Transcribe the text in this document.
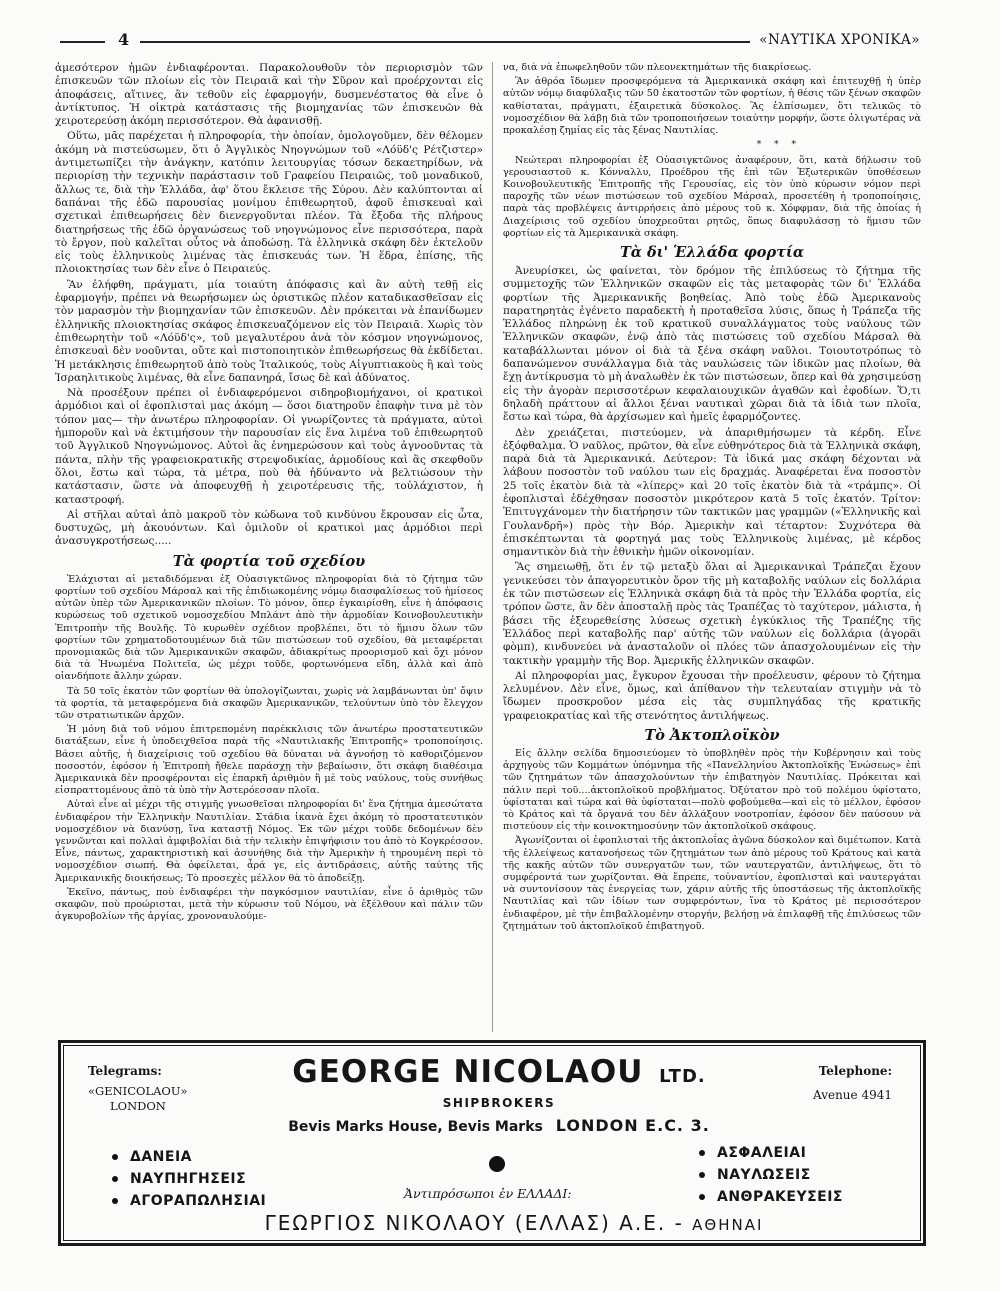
4	«ΝΑΥΤΙΚΑ ΧΡΟΝΙΚΑ»

ἀμεσότερον ἡμῶν ἐνδιαφέρονται. Παρακολουθοῦν τὸν περιορισμὸν τῶν ἐπισκευῶν τῶν πλοίων εἰς τὸν Πειραιᾶ καὶ τὴν Σῦρον καὶ προέρχονται εἰς ἀποφάσεις, αἵτινες, ἂν τεθοῦν εἰς ἐφαρμογήν, δυσμενέστατος θὰ εἶνε ὁ ἀντίκτυπος. Ἡ οἰκτρὰ κατάστασις τῆς βιομηχανίας τῶν ἐπισκευῶν θὰ χειροτερεύσῃ ἀκόμη περισσότερον. Θὰ ἀφανισθῇ.

Οὕτω, μᾶς παρέχεται ἡ πληροφορία, τὴν ὁποίαν, ὁμολογοῦμεν, δὲν θέλομεν ἀκόμη νὰ πιστεύσωμεν, ὅτι ὁ Ἀγγλικὸς Νηογνώμων τοῦ «Λόϋδ'ς Ρέτζιστερ» ἀντιμετωπίζει τὴν ἀνάγκην, κατόπιν λειτουργίας τόσων δεκαετηρίδων, νὰ περιορίσῃ τὴν τεχνικὴν παράστασιν τοῦ Γραφείου Πειραιῶς, τοῦ μοναδικοῦ, ἄλλως τε, διὰ τὴν Ἑλλάδα, ἀφ' ὅτου ἔκλεισε τῆς Σύρου. Δὲν καλύπτονται αἱ δαπάναι τῆς ἐδῶ παρουσίας μονίμου ἐπιθεωρητοῦ, ἀφοῦ ἐπισκευαὶ καὶ σχετικαὶ ἐπιθεωρήσεις δὲν διενεργοῦνται πλέον. Τὰ ἔξοδα τῆς πλήρους διατηρήσεως τῆς ἐδῶ ὀργανώσεως τοῦ νηογνώμονος εἶνε περισσότερα, παρὰ τὸ ἔργον, ποὺ καλεῖται οὗτος νὰ ἀποδώσῃ. Τὰ ἑλληνικὰ σκάφη δὲν ἐκτελοῦν εἰς τοὺς ἑλληνικοὺς λιμένας τὰς ἐπισκευάς των. Ἡ ἕδρα, ἐπίσης, τῆς πλοιοκτησίας των δὲν εἶνε ὁ Πειραιεύς.

Ἂν ἐλήφθη, πράγματι, μία τοιαύτη ἀπόφασις καὶ ἂν αὐτὴ τεθῇ εἰς ἐφαρμογήν, πρέπει νὰ θεωρήσωμεν ὡς ὁριστικῶς πλέον καταδικασθεῖσαν εἰς τὸν μαρασμὸν τὴν βιομηχανίαν τῶν ἐπισκευῶν. Δὲν πρόκειται νὰ ἐπανίδωμεν ἑλληνικῆς πλοιοκτησίας σκάφος ἐπισκευαζόμενον εἰς τὸν Πειραιᾶ. Χωρὶς τὸν ἐπιθεωρητὴν τοῦ «Λόϋδ'ς», τοῦ μεγαλυτέρου ἀνὰ τὸν κόσμον νηογνώμονος, ἐπισκευαὶ δὲν νοοῦνται, οὔτε καὶ πιστοποιητικὸν ἐπιθεωρήσεως θὰ ἐκδίδεται. Ἡ μετάκλησις ἐπιθεωρητοῦ ἀπὸ τοὺς Ἰταλικούς, τοὺς Αἰγυπτιακοὺς ἢ καὶ τοὺς Ἰσραηλιτικοὺς λιμένας, θὰ εἶνε δαπανηρά, ἴσως δὲ καὶ ἀδύνατος.

Νὰ προσέξουν πρέπει οἱ ἐνδιαφερόμενοι σιδηροβιομήχανοι, οἱ κρατικοὶ ἁρμόδιοι καὶ οἱ ἐφοπλισταὶ μας ἀκόμη — ὅσοι διατηροῦν ἐπαφὴν τινα μὲ τὸν τόπον μας— τὴν ἀνωτέρω πληροφορίαν. Οἱ γνωρίζοντες τὰ πράγματα, αὐτοὶ ἠμποροῦν καὶ νὰ ἐκτιμήσουν τὴν παρουσίαν εἰς ἕνα λιμένα τοῦ ἐπιθεωρητοῦ τοῦ Ἀγγλικοῦ Νηογνώμονος. Αὐτοὶ ἂς ἐνημερώσουν καὶ τοὺς ἀγνοοῦντας τὰ πάντα, πλὴν τῆς γραφειοκρατικῆς στρεψοδικίας, ἁρμοδίους καὶ ἂς σκεφθοῦν ὅλοι, ἔστω καὶ τώρα, τὰ μέτρα, ποὺ θὰ ἠδύναντο νὰ βελτιώσουν τὴν κατάστασιν, ὥστε νὰ ἀποφευχθῇ ἡ χειροτέρευσις τῆς, τοὐλάχιστον, ἡ καταστροφή.

Αἱ στῆλαι αὐταὶ ἀπὸ μακροῦ τὸν κώδωνα τοῦ κινδύνου ἔκρουσαν εἰς ὦτα, δυστυχῶς, μὴ ἀκουόντων. Καὶ ὁμιλοῦν οἱ κρατικοὶ μας ἁρμόδιοι περὶ ἀνασυγκροτήσεως.....

Τὰ φορτία τοῦ σχεδίου

Ἐλάχισται αἱ μεταδιδόμεναι ἐξ Οὐασιγκτῶνος πληροφορίαι διὰ τὸ ζήτημα τῶν φορτίων τοῦ σχεδίου Μάρσαλ καὶ τῆς ἐπιδιωκομένης νόμῳ διασφαλίσεως τοῦ ἡμίσεος αὐτῶν ὑπὲρ τῶν Ἀμερικανικῶν πλοίων. Τὸ μόνον, ὅπερ ἐγκαιρίσθη, εἶνε ἡ ἀπόφασις κυρώσεως τοῦ σχετικοῦ νομοσχεδίου Μπλάντ ἀπὸ τὴν ἁρμοδίαν Κοινοβουλευτικὴν Ἐπιτροπὴν τῆς Βουλῆς. Τὸ κυρωθὲν σχέδιον προβλέπει, ὅτι τὸ ἥμισυ ὅλων τῶν φορτίων τῶν χρηματοδοτουμένων διὰ τῶν πιστώσεων τοῦ σχεδίου, θὰ μεταφέρεται προνομιακῶς διὰ τῶν Ἀμερικανικῶν σκαφῶν, ἀδιακρίτως προορισμοῦ καὶ ὄχι μόνον διὰ τὰ Ἡνωμένα Πολιτεῖα, ὡς μέχρι τοῦδε, φορτωνόμενα εἴδη, ἀλλὰ καὶ ἀπὸ οἱανδήποτε ἄλλην χώραν.

Τὰ 50 τοῖς ἑκατὸν τῶν φορτίων θὰ ὑπολογίζωνται, χωρὶς νὰ λαμβάνωνται ὑπ' ὄψιν τὰ φορτία, τὰ μεταφερόμενα διὰ σκαφῶν Ἀμερικανικῶν, τελούντων ὑπὸ τὸν ἔλεγχον τῶν στρατιωτικῶν ἀρχῶν.

Ἡ μόνη διὰ τοῦ νόμου ἐπιτρεπομένη παρέκκλισις τῶν ἀνωτέρω προστατευτικῶν διατάξεων, εἶνε ἡ ὑποδειχθεῖσα παρὰ τῆς «Ναυτιλιακῆς Ἐπιτροπῆς» τροποποίησις. Βάσει αὐτῆς, ἡ διαχείρισις τοῦ σχεδίου θὰ δύναται νὰ ἀγνοήσῃ τὸ καθοριζόμενον ποσοστόν, ἐφόσον ἡ Ἐπιτροπὴ ἤθελε παράσχῃ τὴν βεβαίωσιν, ὅτι σκάφη διαθέσιμα Ἀμερικανικὰ δὲν προσφέρονται εἰς ἐπαρκῆ ἀριθμὸν ἢ μὲ τοὺς ναύλους, τοὺς συνήθως εἰσπραττομένους ἀπὸ τὰ ὑπὸ τὴν Ἀστερόεσσαν πλοῖα.

Αὐταὶ εἶνε αἱ μέχρι τῆς στιγμῆς γνωσθεῖσαι πληροφορίαι δι' ἕνα ζήτημα ἀμεσώτατα ἐνδιαφέρον τὴν Ἑλληνικὴν Ναυτιλίαν. Στάδια ἱκανὰ ἔχει ἀκόμη τὸ προστατευτικὸν νομοσχέδιον νὰ διανύσῃ, ἵνα καταστῇ Νόμος. Ἐκ τῶν μέχρι τοῦδε δεδομένων δὲν γεννῶνται καὶ πολλαὶ ἀμφιβολίαι διὰ τὴν τελικὴν ἐπιψήφισιν του ἀπὸ τὸ Κογκρέσσον. Εἶνε, πάντως, χαρακτηριστικὴ καὶ ἀσυνήθης διὰ τὴν Ἀμερικὴν ἡ τηρουμένη περὶ τὸ νομοσχέδιον σιωπή. Θὰ ὀφείλεται, ἆρά γε, εἰς ἀντιδράσεις, αὐτῆς ταύτης τῆς Ἀμερικανικῆς διοικήσεως; Τὸ προσεχὲς μέλλον θὰ τὸ ἀποδείξῃ.

Ἐκεῖνο, πάντως, ποὺ ἐνδιαφέρει τὴν παγκόσμιον ναυτιλίαν, εἶνε ὁ ἀριθμὸς τῶν σκαφῶν, ποὺ προώρισται, μετὰ τὴν κύρωσιν τοῦ Νόμου, νὰ ἐξέλθουν καὶ πάλιν τῶν ἀγκυροβολίων τῆς ἀργίας, χρονοναυλούμε-

να, διὰ νὰ ἐπωφεληθοῦν τῶν πλεονεκτημάτων τῆς διακρίσεως.

Ἂν ἀθρόα ἴδωμεν προσφερόμενα τὰ Ἀμερικανικὰ σκάφη καὶ ἐπιτευχθῇ ἡ ὑπὲρ αὐτῶν νόμῳ διαφύλαξις τῶν 50 ἑκατοστῶν τῶν φορτίων, ἡ θέσις τῶν ξένων σκαφῶν καθίσταται, πράγματι, ἐξαιρετικὰ δύσκολος. Ἂς ἐλπίσωμεν, ὅτι τελικῶς τὸ νομοσχέδιον θὰ λάβῃ διὰ τῶν τροποποιήσεων τοιαύτην μορφήν, ὥστε ὀλιγωτέρας νὰ προκαλέσῃ ζημίας εἰς τὰς ξένας Ναυτιλίας.

* * *

Νεώτεραι πληροφορίαι ἐξ Οὐασιγκτῶνος ἀναφέρουν, ὅτι, κατὰ δήλωσιν τοῦ γερουσιαστοῦ κ. Κόνναλλυ, Προέδρου τῆς ἐπὶ τῶν Ἐξωτερικῶν ὑποθέσεων Κοινοβουλευτικῆς Ἐπιτροπῆς τῆς Γερουσίας, εἰς τὸν ὑπὸ κύρωσιν νόμον περὶ παροχῆς τῶν νέων πιστώσεων τοῦ σχεδίου Μάρσαλ, προσετέθη ἡ τροποποίησις, παρὰ τὰς προβλέψεις ἀντιρρήσεις ἀπὸ μέρους τοῦ κ. Χόφφμαν, διὰ τῆς ὁποίας ἡ Διαχείρισις τοῦ σχεδίου ὑποχρεοῦται ρητῶς, ὅπως διαφυλάσσῃ τὸ ἥμισυ τῶν φορτίων εἰς τὰ Ἀμερικανικὰ σκάφη.

Τὰ δι' Ἑλλάδα φορτία

Ἀνευρίσκει, ὡς φαίνεται, τὸν δρόμον τῆς ἐπιλύσεως τὸ ζήτημα τῆς συμμετοχῆς τῶν Ἑλληνικῶν σκαφῶν εἰς τὰς μεταφορὰς τῶν δι' Ἑλλάδα φορτίων τῆς Ἀμερικανικῆς βοηθείας. Ἀπὸ τοὺς ἐδῶ Ἀμερικανοὺς παρατηρητὰς ἐγένετο παραδεκτὴ ἡ προταθεῖσα λύσις, ὅπως ἡ Τράπεζα τῆς Ἑλλάδος πληρώνῃ ἐκ τοῦ κρατικοῦ συναλλάγματος τοὺς ναύλους τῶν Ἑλληνικῶν σκαφῶν, ἐνῷ ἀπὸ τὰς πιστώσεις τοῦ σχεδίου Μάρσαλ θὰ καταβάλλωνται μόνον οἱ διὰ τὰ ξένα σκάφη ναῦλοι. Τοιουτοτρόπως τὸ δαπανώμενον συνάλλαγμα διὰ τὰς ναυλώσεις τῶν ἰδικῶν μας πλοίων, θὰ ἔχῃ ἀντίκρυσμα τὸ μὴ ἀναλωθὲν ἐκ τῶν πιστώσεων, ὅπερ καὶ θὰ χρησιμεύσῃ εἰς τὴν ἀγορὰν περισσοτέρων κεφαλαιουχικῶν ἀγαθῶν καὶ ἐφοδίων. Ὅ,τι δηλαδὴ πράττουν αἱ ἄλλοι ξέναι ναυτικαὶ χῶραι διὰ τὰ ἰδιὰ των πλοῖα, ἔστω καὶ τώρα, θὰ ἀρχίσωμεν καὶ ἡμεῖς ἐφαρμόζοντες.

Δὲν χρειάζεται, πιστεύομεν, νὰ ἀπαριθμήσωμεν τὰ κέρδη. Εἶνε ἐξόφθαλμα. Ὁ ναῦλος, πρῶτον, θὰ εἶνε εὐθηνότερος διὰ τὰ Ἑλληνικὰ σκάφη, παρὰ διὰ τὰ Ἀμερικανικά. Δεύτερον: Τὰ ἰδικά μας σκάφη δέχονται νὰ λάβουν ποσοστὸν τοῦ ναύλου των εἰς δραχμάς. Ἀναφέρεται ἕνα ποσοστὸν 25 τοῖς ἑκατὸν διὰ τὰ «λίπερς» καὶ 20 τοῖς ἑκατὸν διὰ τὰ «τράμπς». Οἱ ἐφοπλισταὶ ἐδέχθησαν ποσοστὸν μικρότερον κατὰ 5 τοῖς ἑκατόν. Τρίτον: Ἐπιτυγχάνομεν τὴν διατήρησιν τῶν τακτικῶν μας γραμμῶν («Ἑλληνικῆς καὶ Γουλανδρῆ») πρὸς τὴν Βόρ. Ἀμερικὴν καὶ τέταρτον: Συχνότερα θὰ ἐπισκέπτωνται τὰ φορτηγά μας τοὺς Ἑλληνικοὺς λιμένας, μὲ κέρδος σημαντικὸν διὰ τὴν ἐθνικὴν ἡμῶν οἰκονομίαν.

Ἂς σημειωθῇ, ὅτι ἐν τῷ μεταξὺ ὅλαι αἱ Ἀμερικανικαὶ Τράπεζαι ἔχουν γενικεύσει τὸν ἀπαγορευτικὸν ὅρον τῆς μὴ καταβολῆς ναύλων εἰς δολλάρια ἐκ τῶν πιστώσεων εἰς Ἑλληνικὰ σκάφη διὰ τὰ πρὸς τὴν Ἑλλάδα φορτία, εἰς τρόπον ὥστε, ἂν δὲν ἀποσταλῇ πρὸς τὰς Τραπέζας τὸ ταχύτερον, μάλιστα, ἡ βάσει τῆς ἐξευρεθείσης λύσεως σχετικὴ ἐγκύκλιος τῆς Τραπέζης τῆς Ἑλλάδος περὶ καταβολῆς παρ' αὐτῆς τῶν ναύλων εἰς δολλάρια (ἀγορᾶι φὸμπ), κινδυνεύει νὰ ἀνασταλοῦν οἱ πλόες τῶν ἀπασχολουμένων εἰς τὴν τακτικὴν γραμμὴν τῆς Βορ. Ἀμερικῆς ἑλληνικῶν σκαφῶν.

Αἱ πληροφορίαι μας, ἔγκυρον ἔχουσαι τὴν προέλευσιν, φέρουν τὸ ζήτημα λελυμένον. Δὲν εἶνε, ὅμως, καὶ ἀπίθανον τὴν τελευταίαν στιγμὴν νὰ τὸ ἴδωμεν προσκροῦον μέσα εἰς τὰς συμπληγάδας τῆς κρατικῆς γραφειοκρατίας καὶ τῆς στενότητος ἀντιλήψεως.

Τὸ Ἀκτοπλοϊκὸν

Εἰς ἄλλην σελίδα δημοσιεύομεν τὸ ὑποβληθὲν πρὸς τὴν Κυβέρνησιν καὶ τοὺς ἀρχηγοὺς τῶν Κομμάτων ὑπόμνημα τῆς «Πανελληνίου Ἀκτοπλοϊκῆς Ἑνώσεως» ἐπὶ τῶν ζητημάτων τῶν ἀπασχολούντων τὴν ἐπιβατηγὸν Ναυτιλίας. Πρόκειται καὶ πάλιν περὶ τοῦ....ἀκτοπλοϊκοῦ προβλήματος. Ὀξύτατον πρὸ τοῦ πολέμου ὑφίστατο, ὑφίσταται καὶ τώρα καὶ θὰ ὑφίσταται—πολὺ φοβούμεθα—καὶ εἰς τὸ μέλλον, ἐφόσον τὸ Κράτος καὶ τὰ ὄργανά του δὲν ἀλλάξουν νοοτροπίαν, ἐφόσον δὲν παύσουν νὰ πιστεύουν εἰς τὴν κοινοκτημοσύνην τῶν ἀκτοπλοϊκοῦ σκάφους.

Ἀγωνίζονται οἱ ἐφοπλισταὶ τῆς ἀκτοπλοΐας ἀγῶνα δύσκολον καὶ διμέτωπον. Κατὰ τῆς ἐλλείψεως κατανοήσεως τῶν ζητημάτων των ἀπὸ μέρους τοῦ Κράτους καὶ κατὰ τῆς κακῆς αὐτῶν τῶν συνεργατῶν των, τῶν ναυτεργατῶν, ἀντιλήψεως, ὅτι τὸ συμφέροντά των χωρίζονται. Θὰ ἔπρεπε, τοὐναντίον, ἐφοπλισταὶ καὶ ναυτεργάται νὰ συντονίσουν τὰς ἐνεργείας των, χάριν αὐτῆς τῆς ὑποστάσεως τῆς ἀκτοπλοϊκῆς Ναυτιλίας καὶ τῶν ἰδίων των συμφερόντων, ἵνα τὸ Κράτος μὲ περισσότερον ἐνδιαφέρον, μὲ τὴν ἐπιβαλλομένην στοργήν, βελήσῃ νὰ ἐπιλαφθῇ τῆς ἐπιλύσεως τῶν ζητημάτων τοῦ ἀκτοπλοϊκοῦ ἐπιβατηγοῦ.

Telegrams:
«GENICOLAOU»
LONDON
GEORGE NICOLAOU LTD.
SHIPBROKERS
Bevis Marks House, Bevis Marks LONDON E.C. 3.
Telephone:
Avenue 4941
ΔΑΝΕΙΑ
ΝΑΥΠΗΓΗΣΕΙΣ
ΑΓΟΡΑΠΩΛΗΣΙΑΙ
ΑΣΦΑΛΕΙΑΙ
ΝΑΥΛΩΣΕΙΣ
ΑΝΘΡΑΚΕΥΣΕΙΣ
Ἀντιπρόσωποι ἐν ΕΛΛΑΔΙ:
ΓΕΩΡΓΙΟΣ ΝΙΚΟΛΑΟΥ (ΕΛΛΑΣ) Α.Ε. - ΑΘΗΝΑΙ
